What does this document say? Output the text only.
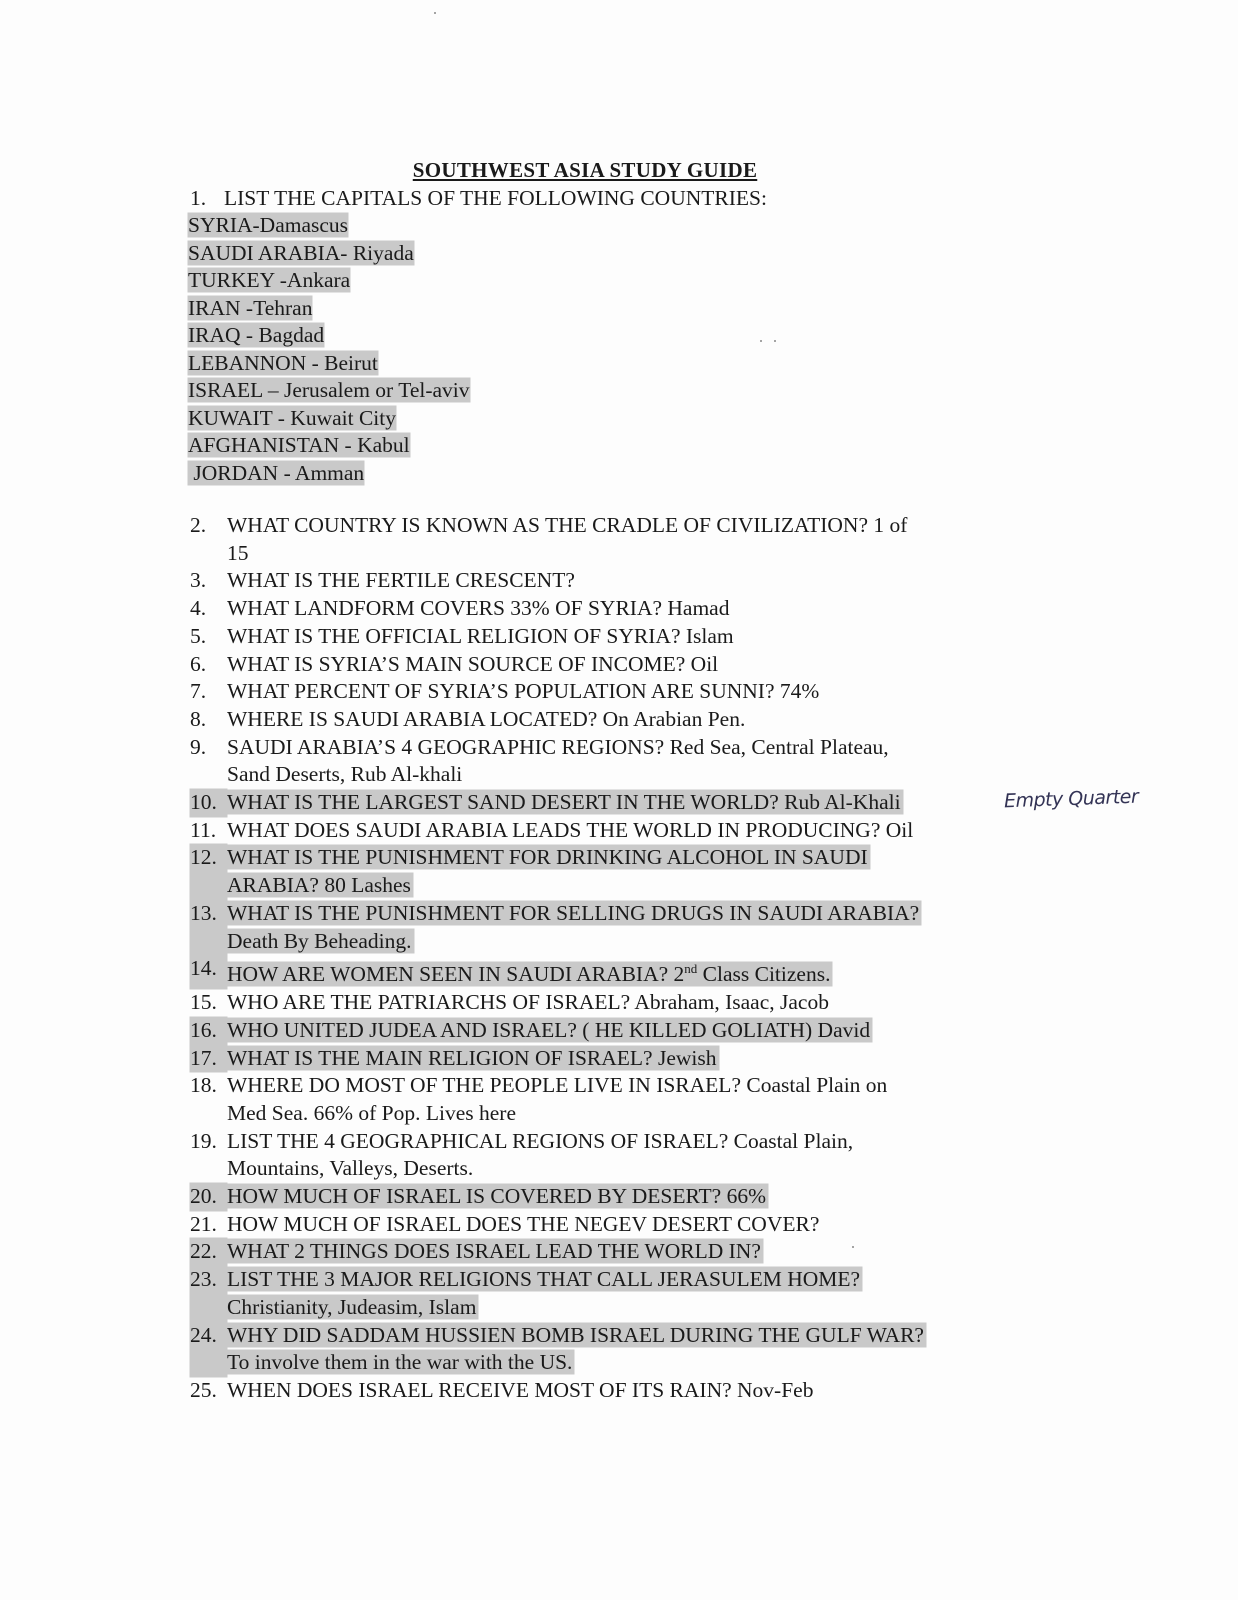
SOUTHWEST ASIA STUDY GUIDE
1. LIST THE CAPITALS OF THE FOLLOWING COUNTRIES:
SYRIA-Damascus
SAUDI ARABIA- Riyada
TURKEY -Ankara
IRAN -Tehran
IRAQ - Bagdad
LEBANNON - Beirut
ISRAEL – Jerusalem or Tel-aviv
KUWAIT - Kuwait City
AFGHANISTAN - Kabul
JORDAN - Amman
2. WHAT COUNTRY IS KNOWN AS THE CRADLE OF CIVILIZATION? 1 of
15
3. WHAT IS THE FERTILE CRESCENT?
4. WHAT LANDFORM COVERS 33% OF SYRIA? Hamad
5. WHAT IS THE OFFICIAL RELIGION OF SYRIA? Islam
6. WHAT IS SYRIA’S MAIN SOURCE OF INCOME? Oil
7. WHAT PERCENT OF SYRIA’S POPULATION ARE SUNNI? 74%
8. WHERE IS SAUDI ARABIA LOCATED? On Arabian Pen.
9. SAUDI ARABIA’S 4 GEOGRAPHIC REGIONS? Red Sea, Central Plateau,
Sand Deserts, Rub Al-khali
10. WHAT IS THE LARGEST SAND DESERT IN THE WORLD? Rub Al-Khali
11. WHAT DOES SAUDI ARABIA LEADS THE WORLD IN PRODUCING? Oil
12. WHAT IS THE PUNISHMENT FOR DRINKING ALCOHOL IN SAUDI
ARABIA? 80 Lashes
13. WHAT IS THE PUNISHMENT FOR SELLING DRUGS IN SAUDI ARABIA?
Death By Beheading.
14. HOW ARE WOMEN SEEN IN SAUDI ARABIA? 2nd Class Citizens.
15. WHO ARE THE PATRIARCHS OF ISRAEL? Abraham, Isaac, Jacob
16. WHO UNITED JUDEA AND ISRAEL? ( HE KILLED GOLIATH) David
17. WHAT IS THE MAIN RELIGION OF ISRAEL? Jewish
18. WHERE DO MOST OF THE PEOPLE LIVE IN ISRAEL? Coastal Plain on
Med Sea. 66% of Pop. Lives here
19. LIST THE 4 GEOGRAPHICAL REGIONS OF ISRAEL? Coastal Plain,
Mountains, Valleys, Deserts.
20. HOW MUCH OF ISRAEL IS COVERED BY DESERT? 66%
21. HOW MUCH OF ISRAEL DOES THE NEGEV DESERT COVER?
22. WHAT 2 THINGS DOES ISRAEL LEAD THE WORLD IN?
23. LIST THE 3 MAJOR RELIGIONS THAT CALL JERASULEM HOME?
Christianity, Judeasim, Islam
24. WHY DID SADDAM HUSSIEN BOMB ISRAEL DURING THE GULF WAR?
To involve them in the war with the US.
25. WHEN DOES ISRAEL RECEIVE MOST OF ITS RAIN? Nov-Feb
Empty Quarter
